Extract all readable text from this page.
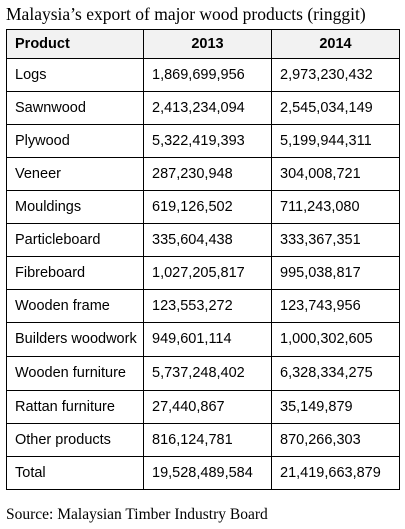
Malaysia’s export of major wood products (ringgit)
Product	2013	2014
Logs	1,869,699,956	2,973,230,432
Sawnwood	2,413,234,094	2,545,034,149
Plywood	5,322,419,393	5,199,944,311
Veneer	287,230,948	304,008,721
Mouldings	619,126,502	711,243,080
Particleboard	335,604,438	333,367,351
Fibreboard	1,027,205,817	995,038,817
Wooden frame	123,553,272	123,743,956
Builders woodwork	949,601,114	1,000,302,605
Wooden furniture	5,737,248,402	6,328,334,275
Rattan furniture	27,440,867	35,149,879
Other products	816,124,781	870,266,303
Total	19,528,489,584	21,419,663,879
Source: Malaysian Timber Industry Board
